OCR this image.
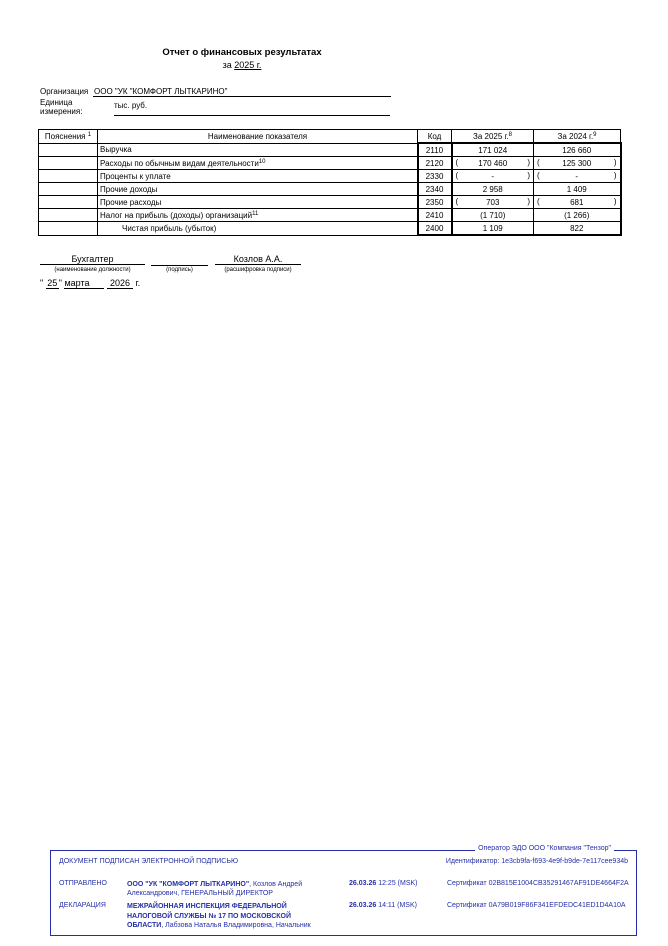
Отчет о финансовых результатах
за 2025 г.
Организация ООО "УК "КОМФОРТ ЛЫТКАРИНО"
Единица
измерения:
тыс. руб.
Пояснения $^1$	Наименование показателя	Код	За 2025 г.$^8$	За 2024 г.$^9$
	Выручка	2110	171 024	126 660
	Расходы по обычным видам деятельности$^{10}$	2120	( 170 460 )	( 125 300 )

	Проценты к уплате	2330	( - )	( - )

	Прочие доходы	2340	2 958	1 409
	Прочие расходы	2350	( 703 )	( 681 )

	Налог на прибыль (доходы) организаций$^{11}$	2410	(1 710)	(1 266)
	Чистая прибыль (убыток)	2400	1 109	822
Бухгалтер
(наименование должности)	(подпись)
Козлов А.А.
(расшифровка подписи)
" 25 " марта 2026 г.
Оператор ЭДО ООО "Компания "Тензор"
ДОКУМЕНТ ПОДПИСАН ЭЛЕКТРОННОЙ ПОДПИСЬЮ	Идентификатор: 1e3cb9fa-f693-4e9f-b9de-7e117cee934b
ОТПРАВЛЕНО	ООО "УК "КОМФОРТ ЛЫТКАРИНО", Козлов Андрей
Александрович, ГЕНЕРАЛЬНЫЙ ДИРЕКТОР
26.03.26 12:25 (MSK)	Сертификат 02B815E1004CB35291467AF91DE4664F2A
ДЕКЛАРАЦИЯ	МЕЖРАЙОННАЯ ИНСПЕКЦИЯ ФЕДЕРАЛЬНОЙ
НАЛОГОВОЙ СЛУЖБЫ № 17 ПО МОСКОВСКОЙ
ОБЛАСТИ, Лабзова Наталья Владимировна, Начальник
26.03.26 14:11 (MSK)	Сертификат 0A79B019F86F341EFDEDC41ED1D4A10A
